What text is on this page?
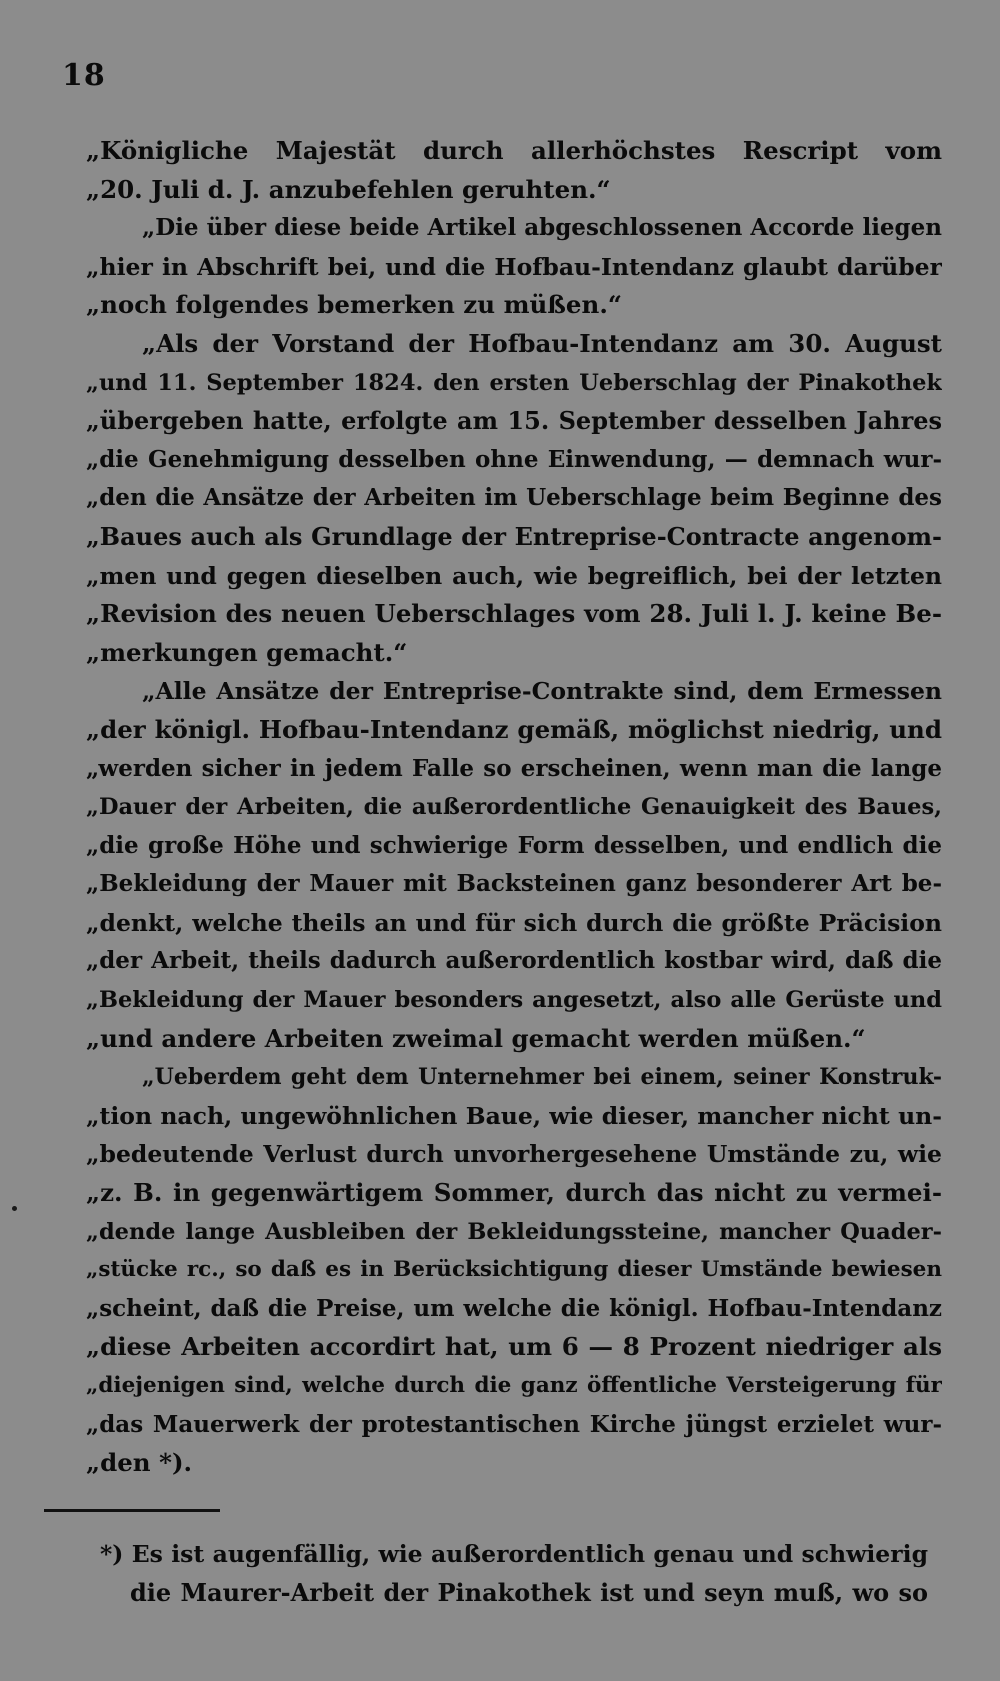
18
„Königliche Majestät durch allerhöchstes Rescript vom
„20. Juli d. J. anzubefehlen geruhten.“
„Die über diese beide Artikel abgeschlossenen Accorde liegen
„hier in Abschrift bei, und die Hofbau-Intendanz glaubt darüber
„noch folgendes bemerken zu müßen.“
„Als der Vorstand der Hofbau-Intendanz am 30. August
„und 11. September 1824. den ersten Ueberschlag der Pinakothek
„übergeben hatte, erfolgte am 15. September desselben Jahres
„die Genehmigung desselben ohne Einwendung, — demnach wur-
„den die Ansätze der Arbeiten im Ueberschlage beim Beginne des
„Baues auch als Grundlage der Entreprise-Contracte angenom-
„men und gegen dieselben auch, wie begreiflich, bei der letzten
„Revision des neuen Ueberschlages vom 28. Juli l. J. keine Be-
„merkungen gemacht.“
„Alle Ansätze der Entreprise-Contrakte sind, dem Ermessen
„der königl. Hofbau-Intendanz gemäß, möglichst niedrig, und
„werden sicher in jedem Falle so erscheinen, wenn man die lange
„Dauer der Arbeiten, die außerordentliche Genauigkeit des Baues,
„die große Höhe und schwierige Form desselben, und endlich die
„Bekleidung der Mauer mit Backsteinen ganz besonderer Art be-
„denkt, welche theils an und für sich durch die größte Präcision
„der Arbeit, theils dadurch außerordentlich kostbar wird, daß die
„Bekleidung der Mauer besonders angesetzt, also alle Gerüste und
„und andere Arbeiten zweimal gemacht werden müßen.“
„Ueberdem geht dem Unternehmer bei einem, seiner Konstruk-
„tion nach, ungewöhnlichen Baue, wie dieser, mancher nicht un-
„bedeutende Verlust durch unvorhergesehene Umstände zu, wie
„z. B. in gegenwärtigem Sommer, durch das nicht zu vermei-
„dende lange Ausbleiben der Bekleidungssteine, mancher Quader-
„stücke rc., so daß es in Berücksichtigung dieser Umstände bewiesen
„scheint, daß die Preise, um welche die königl. Hofbau-Intendanz
„diese Arbeiten accordirt hat, um 6 — 8 Prozent niedriger als
„diejenigen sind, welche durch die ganz öffentliche Versteigerung für
„das Mauerwerk der protestantischen Kirche jüngst erzielet wur-
„den *).
*) Es ist augenfällig, wie außerordentlich genau und schwierig
die Maurer-Arbeit der Pinakothek ist und seyn muß, wo so
